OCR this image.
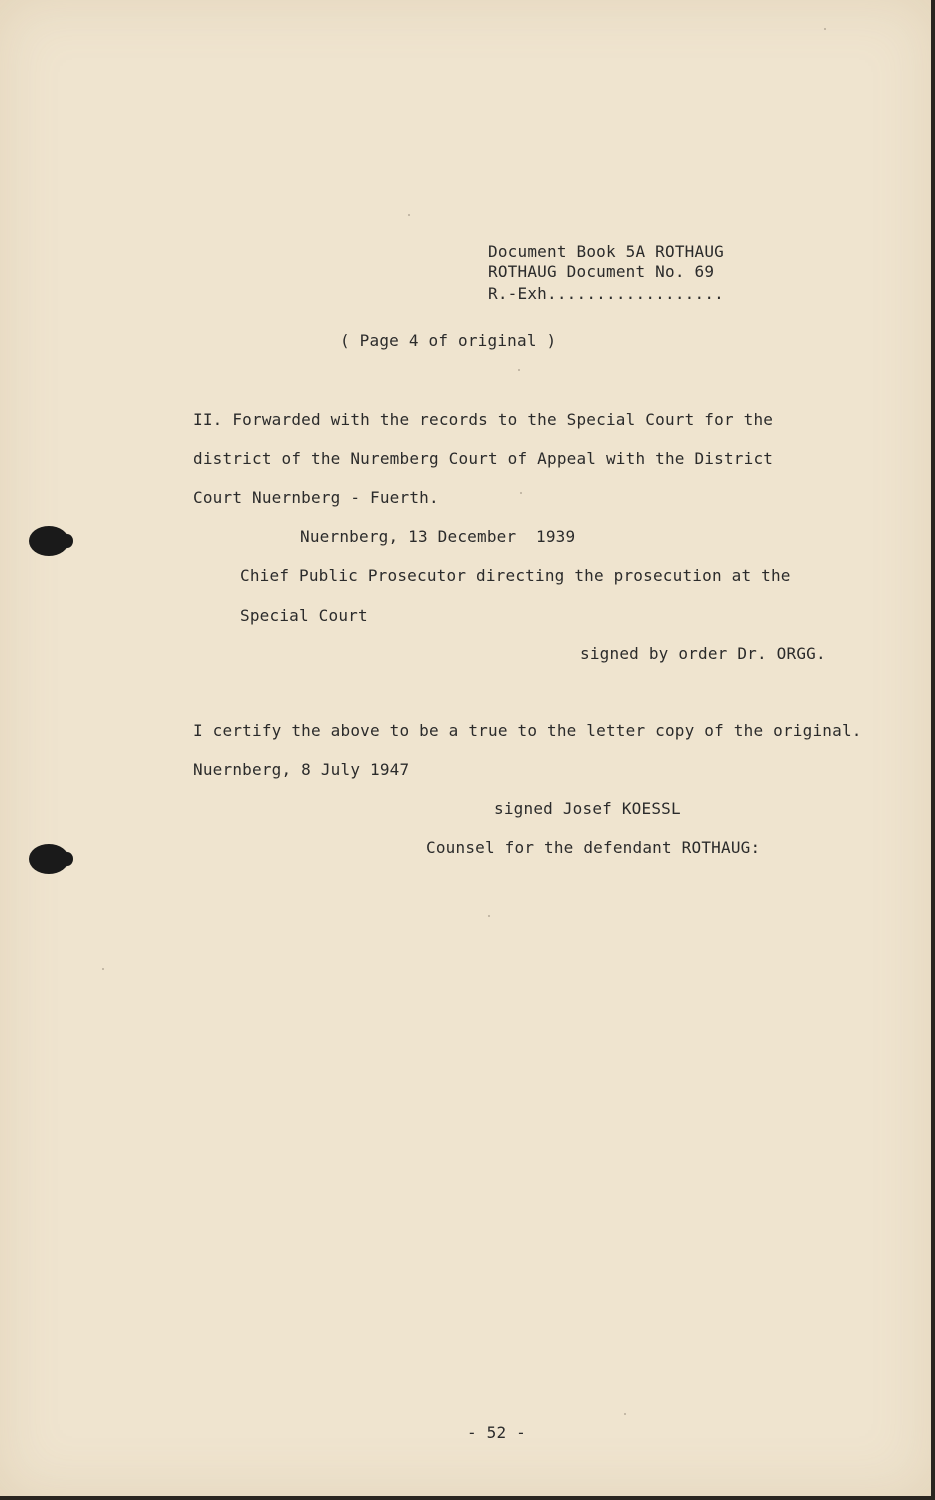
Document Book 5A ROTHAUG
ROTHAUG Document No. 69
R.-Exh..................
( Page 4 of original )
II. Forwarded with the records to the Special Court for the
district of the Nuremberg Court of Appeal with the District
Court Nuernberg - Fuerth.
Nuernberg, 13 December  1939
Chief Public Prosecutor directing the prosecution at the
Special Court
signed by order Dr. ORGG.
I certify the above to be a true to the letter copy of the original.
Nuernberg, 8 July 1947
signed Josef KOESSL
Counsel for the defendant ROTHAUG:
- 52 -
